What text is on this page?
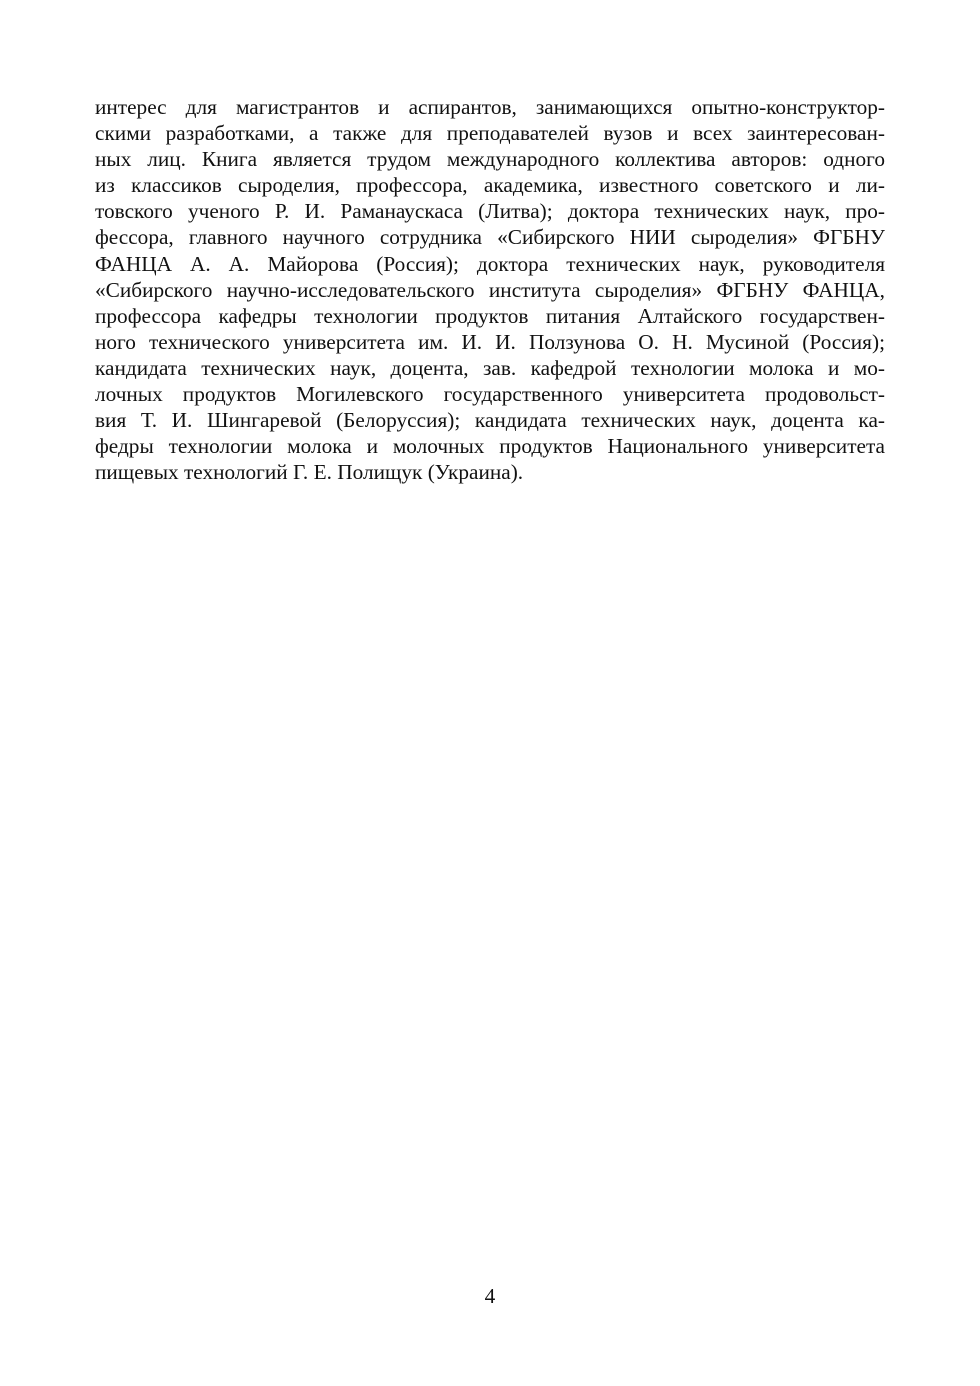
интерес для магистрантов и аспирантов, занимающихся опытно-конструктор-
скими разработками, а также для преподавателей вузов и всех заинтересован-
ных лиц. Книга является трудом международного коллектива авторов: одного
из классиков сыроделия, профессора, академика, известного советского и ли-
товского ученого Р. И. Раманаускаса (Литва); доктора технических наук, про-
фессора, главного научного сотрудника «Сибирского НИИ сыроделия» ФГБНУ
ФАНЦА А. А. Майорова (Россия); доктора технических наук, руководителя
«Сибирского научно-исследовательского института сыроделия» ФГБНУ ФАНЦА,
профессора кафедры технологии продуктов питания Алтайского государствен-
ного технического университета им. И. И. Ползунова О. Н. Мусиной (Россия);
кандидата технических наук, доцента, зав. кафедрой технологии молока и мо-
лочных продуктов Могилевского государственного университета продовольст-
вия Т. И. Шингаревой (Белоруссия); кандидата технических наук, доцента ка-
федры технологии молока и молочных продуктов Национального университета
пищевых технологий Г. Е. Полищук (Украина).
4
